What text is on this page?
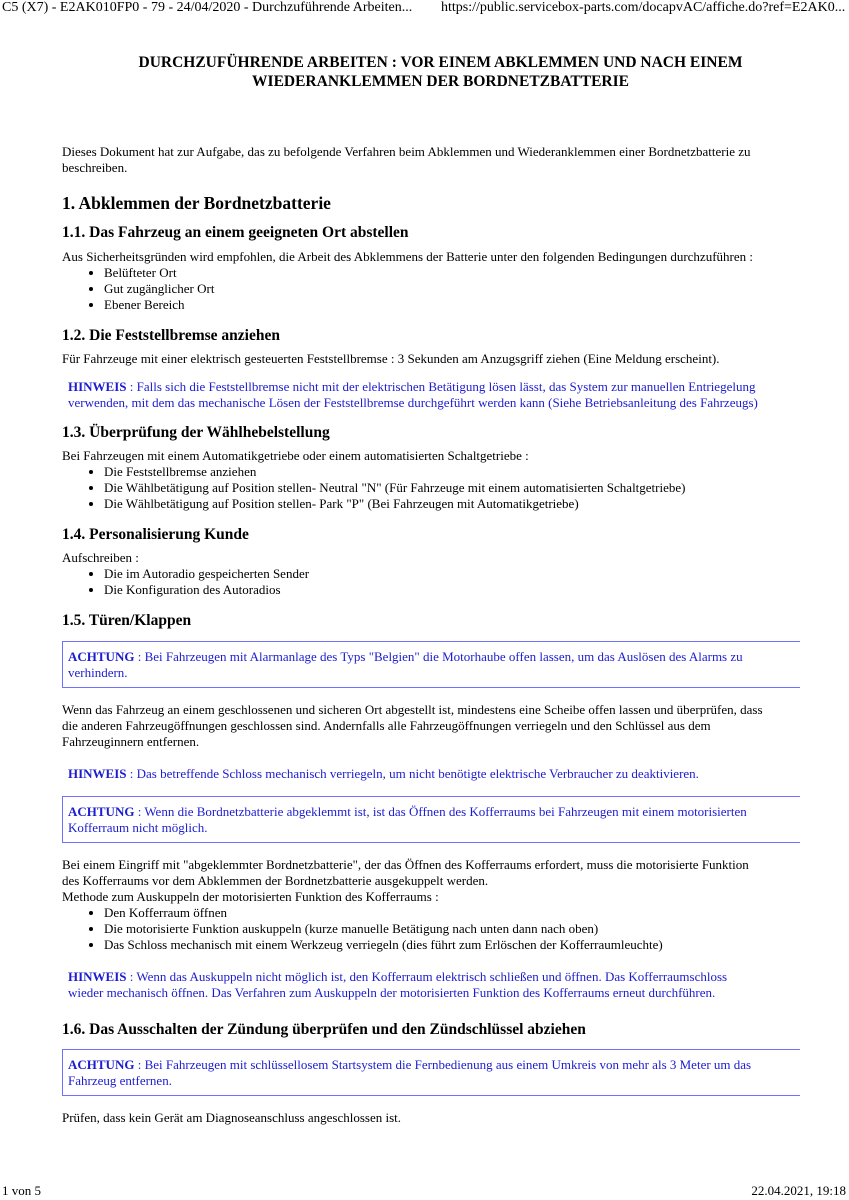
C5 (X7) - E2AK010FP0 - 79 - 24/04/2020 - Durchzuführende Arbeiten... https://public.servicebox-parts.com/docapvAC/affiche.do?ref=E2AK0...
DURCHZUFÜHRENDE ARBEITEN : VOR EINEM ABKLEMMEN UND NACH EINEM
WIEDERANKLEMMEN DER BORDNETZBATTERIE
Dieses Dokument hat zur Aufgabe, das zu befolgende Verfahren beim Abklemmen und Wiederanklemmen einer Bordnetzbatterie zu
beschreiben.
1. Abklemmen der Bordnetzbatterie
1.1. Das Fahrzeug an einem geeigneten Ort abstellen

Aus Sicherheitsgründen wird empfohlen, die Arbeit des Abklemmens der Batterie unter den folgenden Bedingungen durchzuführen :

• Belüfteter Ort
• Gut zugänglicher Ort
• Ebener Bereich
1.2. Die Feststellbremse anziehen

Für Fahrzeuge mit einer elektrisch gesteuerten Feststellbremse : 3 Sekunden am Anzugsgriff ziehen (Eine Meldung erscheint).

HINWEIS : Falls sich die Feststellbremse nicht mit der elektrischen Betätigung lösen lässt, das System zur manuellen Entriegelung
verwenden, mit dem das mechanische Lösen der Feststellbremse durchgeführt werden kann (Siehe Betriebsanleitung des Fahrzeugs)
1.3. Überprüfung der Wählhebelstellung

Bei Fahrzeugen mit einem Automatikgetriebe oder einem automatisierten Schaltgetriebe :

• Die Feststellbremse anziehen
• Die Wählbetätigung auf Position stellen- Neutral "N" (Für Fahrzeuge mit einem automatisierten Schaltgetriebe)
• Die Wählbetätigung auf Position stellen- Park "P" (Bei Fahrzeugen mit Automatikgetriebe)
1.4. Personalisierung Kunde

Aufschreiben :

• Die im Autoradio gespeicherten Sender
• Die Konfiguration des Autoradios
1.5. Türen/Klappen
ACHTUNG : Bei Fahrzeugen mit Alarmanlage des Typs "Belgien" die Motorhaube offen lassen, um das Auslösen des Alarms zu
verhindern.
Wenn das Fahrzeug an einem geschlossenen und sicheren Ort abgestellt ist, mindestens eine Scheibe offen lassen und überprüfen, dass
die anderen Fahrzeugöffnungen geschlossen sind. Andernfalls alle Fahrzeugöffnungen verriegeln und den Schlüssel aus dem
Fahrzeuginnern entfernen.
HINWEIS : Das betreffende Schloss mechanisch verriegeln, um nicht benötigte elektrische Verbraucher zu deaktivieren.
ACHTUNG : Wenn die Bordnetzbatterie abgeklemmt ist, ist das Öffnen des Kofferraums bei Fahrzeugen mit einem motorisierten
Kofferraum nicht möglich.
Bei einem Eingriff mit "abgeklemmter Bordnetzbatterie", der das Öffnen des Kofferraums erfordert, muss die motorisierte Funktion
des Kofferraums vor dem Abklemmen der Bordnetzbatterie ausgekuppelt werden.
Methode zum Auskuppeln der motorisierten Funktion des Kofferraums :
• Den Kofferraum öffnen
• Die motorisierte Funktion auskuppeln (kurze manuelle Betätigung nach unten dann nach oben)
• Das Schloss mechanisch mit einem Werkzeug verriegeln (dies führt zum Erlöschen der Kofferraumleuchte)
HINWEIS : Wenn das Auskuppeln nicht möglich ist, den Kofferraum elektrisch schließen und öffnen. Das Kofferraumschloss
wieder mechanisch öffnen. Das Verfahren zum Auskuppeln der motorisierten Funktion des Kofferraums erneut durchführen.
1.6. Das Ausschalten der Zündung überprüfen und den Zündschlüssel abziehen
ACHTUNG : Bei Fahrzeugen mit schlüssellosem Startsystem die Fernbedienung aus einem Umkreis von mehr als 3 Meter um das
Fahrzeug entfernen.

Prüfen, dass kein Gerät am Diagnoseanschluss angeschlossen ist.

1 von 5	22.04.2021, 19:18
